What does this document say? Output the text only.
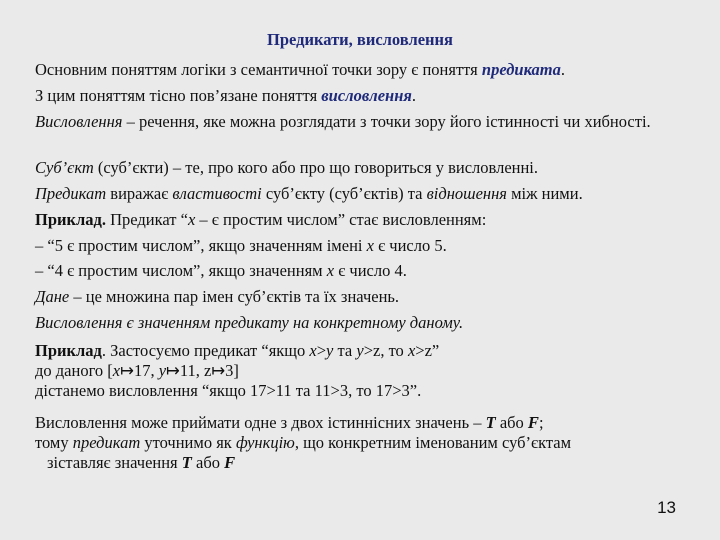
Предикати, висловлення
Основним поняттям логіки з семантичної точки зору є поняття предиката.
З цим поняттям тісно пов’язане поняття висловлення.
Висловлення – речення, яке можна розглядати з точки зору його істинності чи хибності.
Суб’єкт (суб’єкти) – те, про кого або про що говориться у висловленні.
Предикат виражає властивості суб’єкту (суб’єктів) та відношення між ними.
Приклад. Предикат “x – є простим числом” стає висловленням:
– “5 є простим числом”, якщо значенням імені x є число 5.
– “4 є простим числом”, якщо значенням x є число 4.
Дане – це множина пар імен суб’єктів та їх значень.
Висловлення є значенням предикату на конкретному даному.
Приклад. Застосуємо предикат “якщо x>y та y>z, то x>z”
до даного [x↦17, y↦11, z↦3]
дістанемо висловлення “якщо 17>11 та 11>3, то 17>3”.
Висловлення може приймати одне з двох істиннісних значень – T або F;
тому предикат уточнимо як функцію, що конкретним іменованим суб’єктам
зіставляє значення T або F
13
